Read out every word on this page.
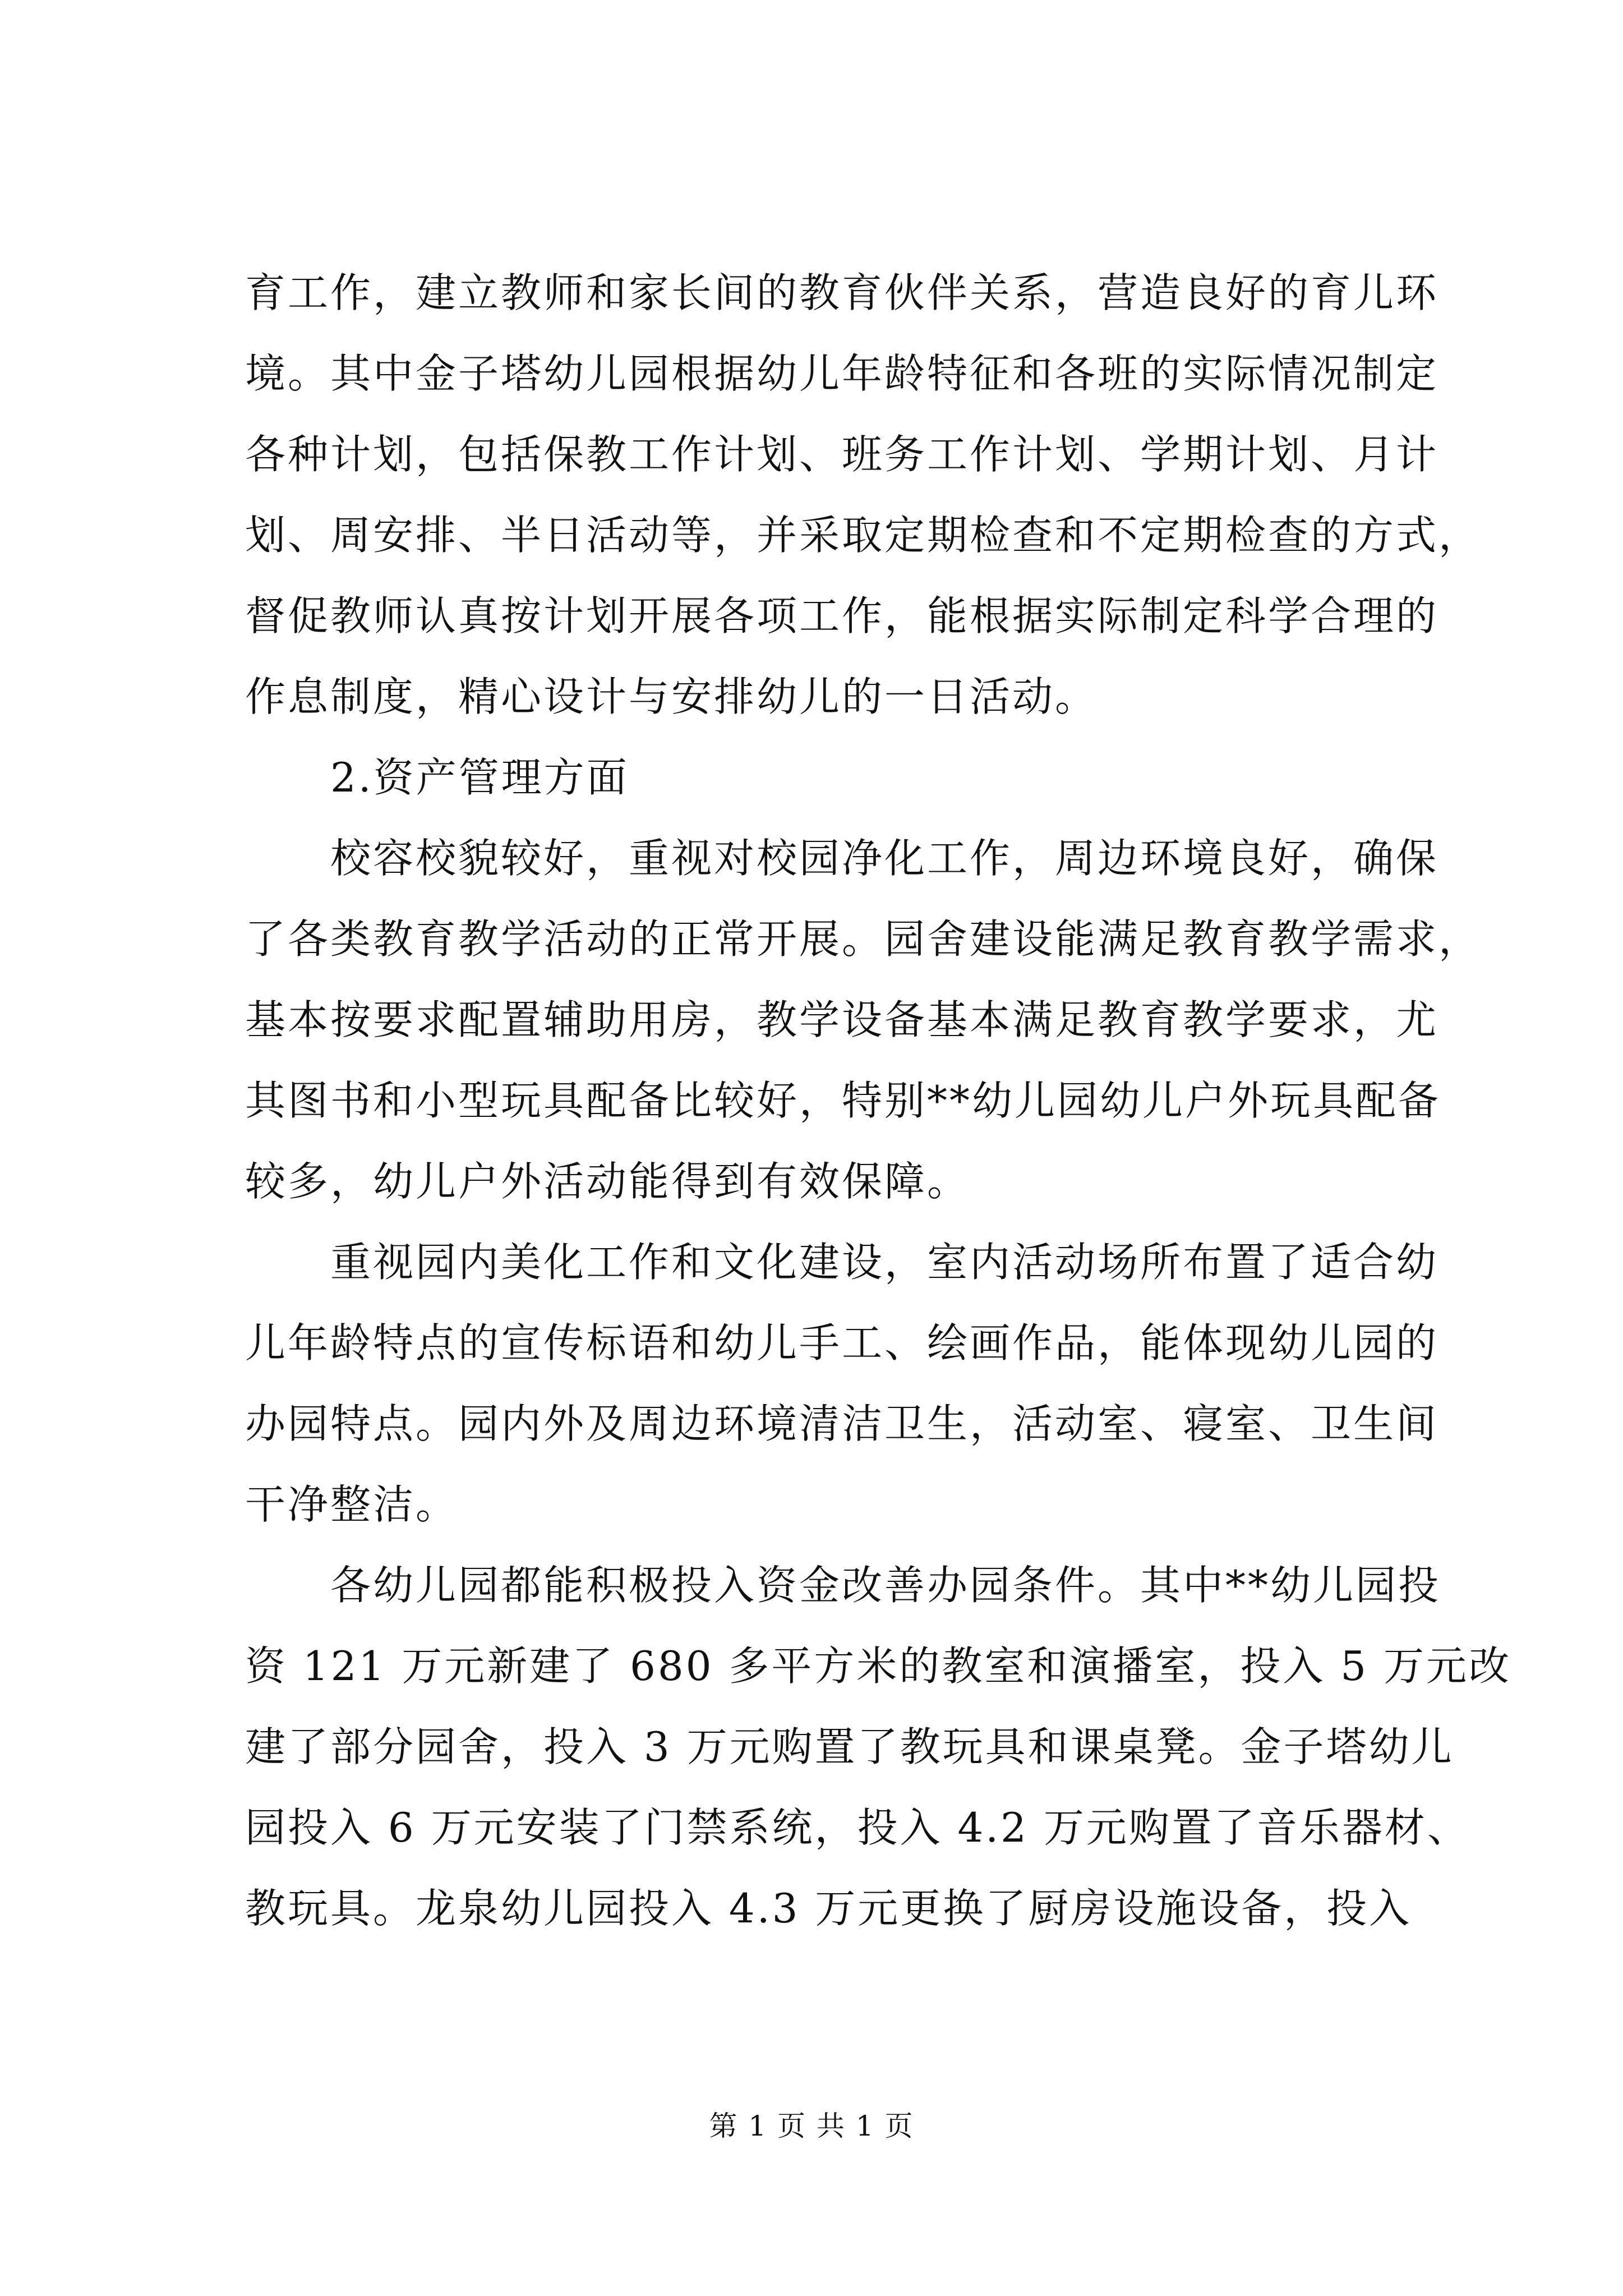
育工作，建立教师和家长间的教育伙伴关系，营造良好的育儿环
境。其中金子塔幼儿园根据幼儿年龄特征和各班的实际情况制定
各种计划，包括保教工作计划、班务工作计划、学期计划、月计
划、周安排、半日活动等，并采取定期检查和不定期检查的方式，
督促教师认真按计划开展各项工作，能根据实际制定科学合理的
作息制度，精心设计与安排幼儿的一日活动。
2.资产管理方面
校容校貌较好，重视对校园净化工作，周边环境良好，确保
了各类教育教学活动的正常开展。园舍建设能满足教育教学需求，
基本按要求配置辅助用房，教学设备基本满足教育教学要求，尤
其图书和小型玩具配备比较好，特别**幼儿园幼儿户外玩具配备
较多，幼儿户外活动能得到有效保障。
重视园内美化工作和文化建设，室内活动场所布置了适合幼
儿年龄特点的宣传标语和幼儿手工、绘画作品，能体现幼儿园的
办园特点。园内外及周边环境清洁卫生，活动室、寝室、卫生间
干净整洁。
各幼儿园都能积极投入资金改善办园条件。其中**幼儿园投
资 121 万元新建了 680 多平方米的教室和演播室，投入 5 万元改
建了部分园舍，投入 3 万元购置了教玩具和课桌凳。金子塔幼儿
园投入 6 万元安装了门禁系统，投入 4.2 万元购置了音乐器材、
教玩具。龙泉幼儿园投入 4.3 万元更换了厨房设施设备，投入
第 1 页 共 1 页
